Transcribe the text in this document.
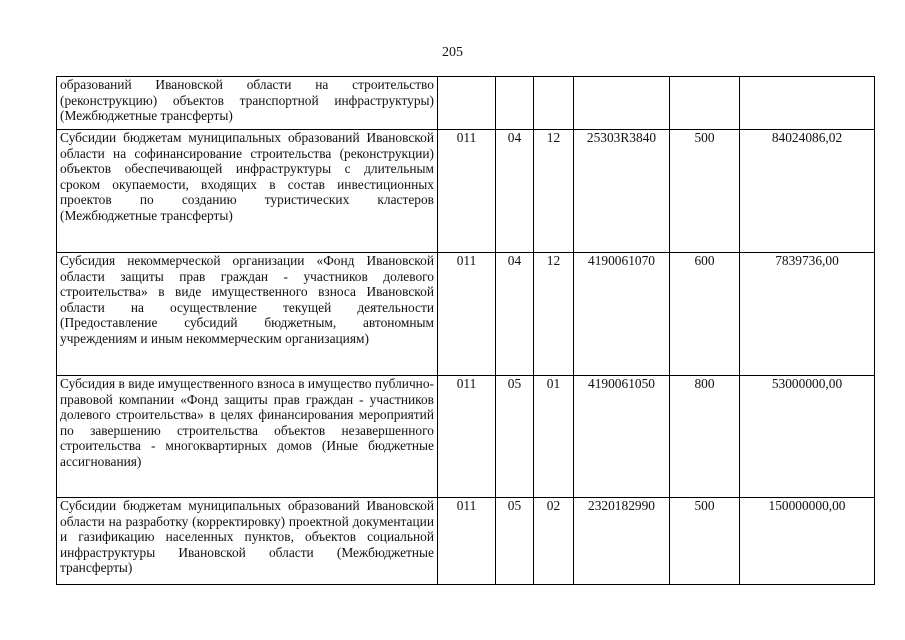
205
образований Ивановской области на строительство (реконструкцию) объектов транспортной инфраструктуры) (Межбюджетные трансферты)						
Субсидии бюджетам муниципальных образований Ивановской области на софинансирование строительства (реконструкции) объектов обеспечивающей инфраструктуры с длительным сроком окупаемости, входящих в состав инвестиционных проектов по созданию туристических кластеров (Межбюджетные трансферты)	011	04	12	25303R3840	500	84024086,02
Субсидия некоммерческой организации «Фонд Ивановской области защиты прав граждан - участников долевого строительства» в виде имущественного взноса Ивановской области на осуществление текущей деятельности (Предоставление субсидий бюджетным, автономным учреждениям и иным некоммерческим организациям)	011	04	12	4190061070	600	7839736,00
Субсидия в виде имущественного взноса в имущество публично-правовой компании «Фонд защиты прав граждан - участников долевого строительства» в целях финансирования мероприятий по завершению строительства объектов незавершенного строительства - многоквартирных домов (Иные бюджетные ассигнования)	011	05	01	4190061050	800	53000000,00
Субсидии бюджетам муниципальных образований Ивановской области на разработку (корректировку) проектной документации и газификацию населенных пунктов, объектов социальной инфраструктуры Ивановской области (Межбюджетные трансферты)	011	05	02	2320182990	500	150000000,00
